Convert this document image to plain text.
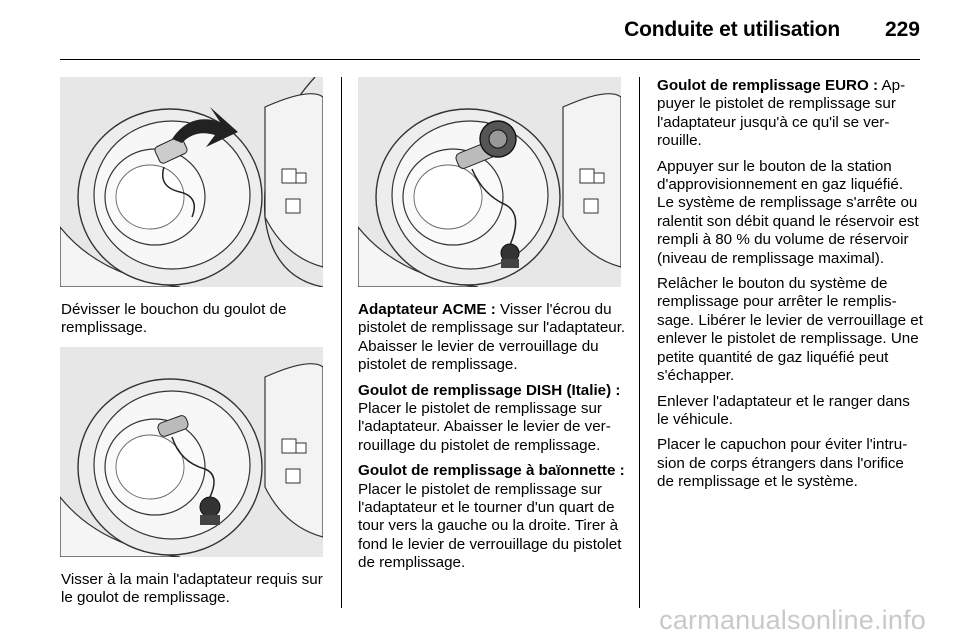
Conduite et utilisation 229
Dévisser le bouchon du goulot de remplissage.
Visser à la main l'adaptateur requis sur le goulot de remplissage.

Adaptateur ACME : Visser l'écrou du pistolet de remplissage sur l'adaptateur. Abaisser le levier de verrouillage du pistolet de remplissage.

Goulot de remplissage DISH (Italie) : Placer le pistolet de remplissage sur l'adaptateur. Abaisser le levier de verrouillage du pistolet de remplissage.

Goulot de remplissage à baïonnette : Placer le pistolet de remplissage sur l'adaptateur et le tourner d'un quart de tour vers la gauche ou la droite. Tirer à fond le levier de verrouillage du pistolet de remplissage.

Goulot de remplissage EURO : Appuyer le pistolet de remplissage sur l'adaptateur jusqu'à ce qu'il se verrouille.

Appuyer sur le bouton de la station d'approvisionnement en gaz liquéfié. Le système de remplissage s'arrête ou ralentit son débit quand le réservoir est rempli à 80 % du volume de réservoir (niveau de remplissage maximal).

Relâcher le bouton du système de remplissage pour arrêter le remplissage. Libérer le levier de verrouillage et enlever le pistolet de remplissage. Une petite quantité de gaz liquéfié peut s'échapper.

Enlever l'adaptateur et le ranger dans le véhicule.

Placer le capuchon pour éviter l'intrusion de corps étrangers dans l'orifice de remplissage et le système.

carmanualsonline.info
